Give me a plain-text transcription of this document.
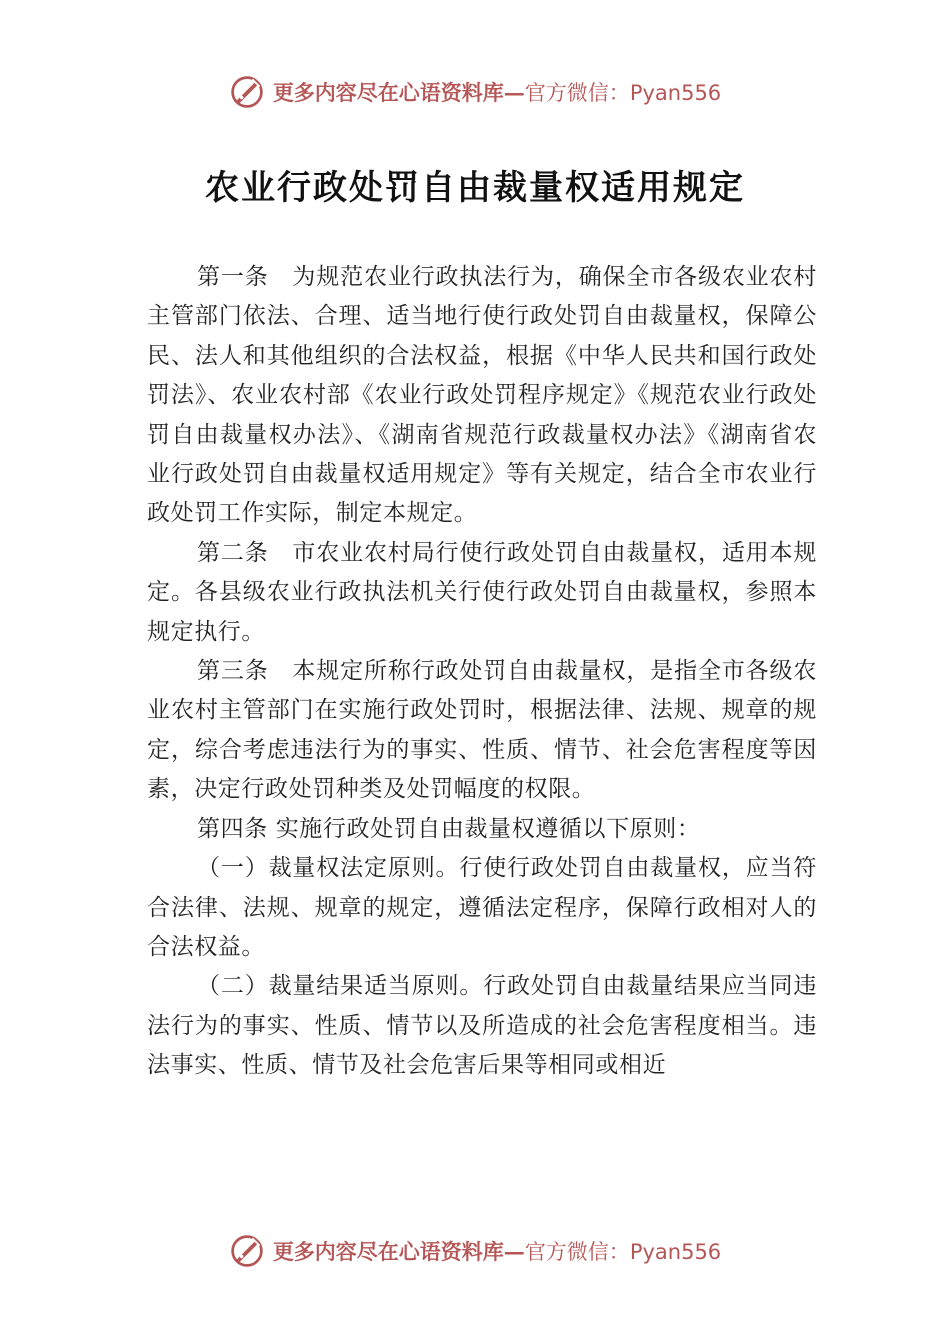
更多内容尽在心语资料库—官方微信：Pyan556
农业行政处罚自由裁量权适用规定

第一条　为规范农业行政执法行为，确保全市各级农业农村主管部门依法、合理、适当地行使行政处罚自由裁量权，保障公民、法人和其他组织的合法权益，根据《中华人民共和国行政处罚法》、农业农村部《农业行政处罚程序规定》《规范农业行政处罚自由裁量权办法》、《湖南省规范行政裁量权办法》《湖南省农业行政处罚自由裁量权适用规定》等有关规定，结合全市农业行政处罚工作实际，制定本规定。

第二条　市农业农村局行使行政处罚自由裁量权，适用本规定。各县级农业行政执法机关行使行政处罚自由裁量权，参照本规定执行。

第三条　本规定所称行政处罚自由裁量权，是指全市各级农业农村主管部门在实施行政处罚时，根据法律、法规、规章的规定，综合考虑违法行为的事实、性质、情节、社会危害程度等因素，决定行政处罚种类及处罚幅度的权限。

第四条 实施行政处罚自由裁量权遵循以下原则：

（一）裁量权法定原则。行使行政处罚自由裁量权，应当符合法律、法规、规章的规定，遵循法定程序，保障行政相对人的合法权益。

（二）裁量结果适当原则。行政处罚自由裁量结果应当同违法行为的事实、性质、情节以及所造成的社会危害程度相当。违法事实、性质、情节及社会危害后果等相同或相近

更多内容尽在心语资料库—官方微信：Pyan556
